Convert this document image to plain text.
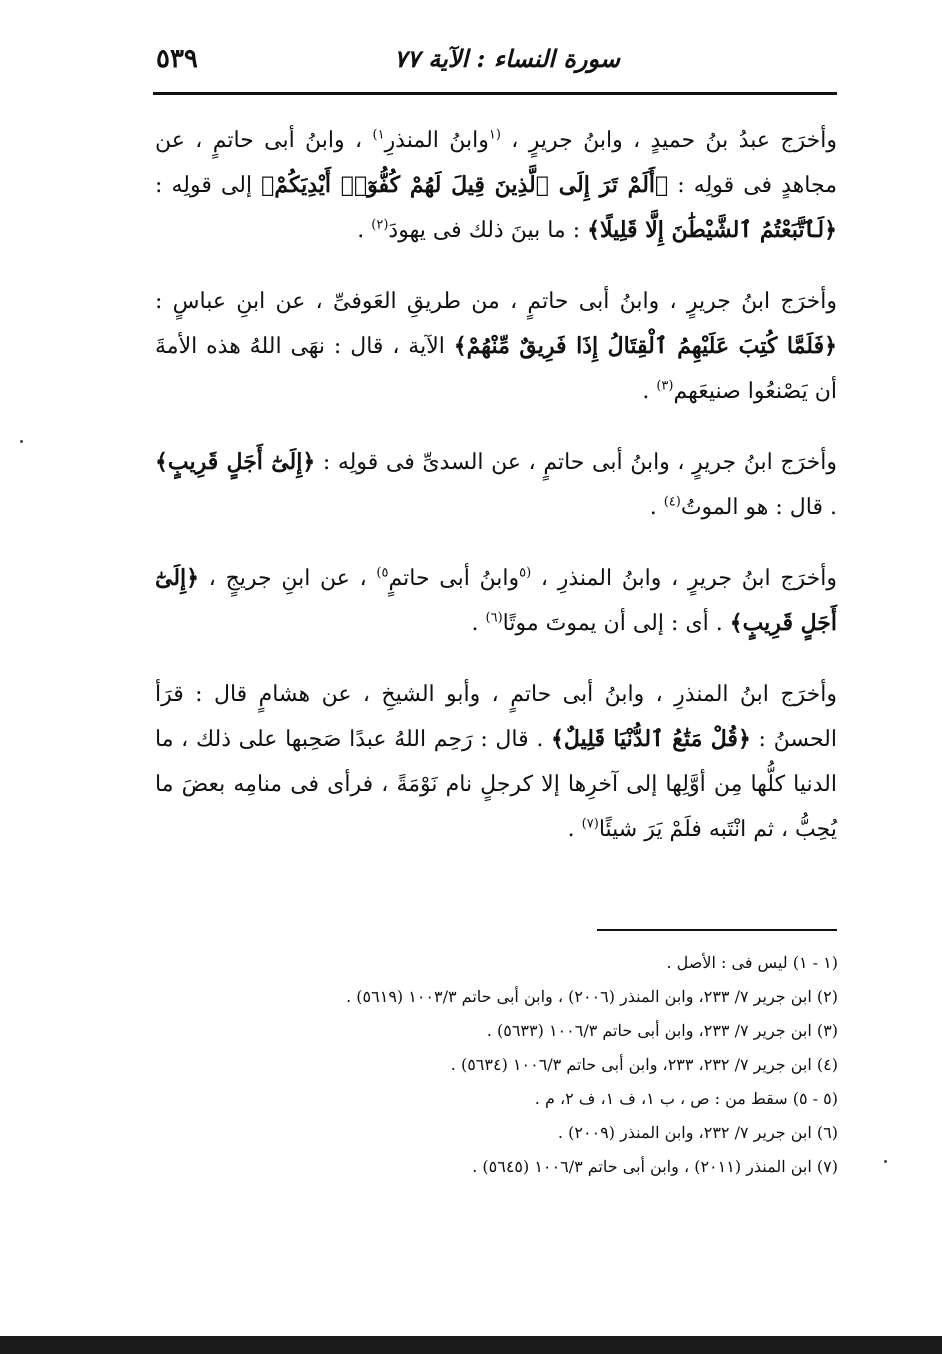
٥٣٩	سورة النساء : الآية ٧٧

وأخرَج عبدُ بنُ حميدٍ ، وابنُ جريرٍ ، $^{(١}$وابنُ المنذرِ$^{١)}$ ، وابنُ أبى حاتمٍ ، عن مجاهدٍ فى قولِه : ﴿أَلَمْ تَرَ إِلَى ٱلَّذِينَ قِيلَ لَهُمْ كُفُّوٓا۟ أَيْدِيَكُمْ﴾ إلى قولِه : ﴿لَٱتَّبَعْتُمُ ٱلشَّيْطَٰنَ إِلَّا قَلِيلًا﴾ : ما بينَ ذلك فى يهودَ$^{(٢)}$ .

وأخرَج ابنُ جريرٍ ، وابنُ أبى حاتمٍ ، من طريقِ العَوفىِّ ، عن ابنِ عباسٍ : ﴿فَلَمَّا كُتِبَ عَلَيْهِمُ ٱلْقِتَالُ إِذَا فَرِيقٌ مِّنْهُمْ﴾ الآية ، قال : نهَى اللهُ هذه الأمةَ أن يَصْنعُوا صنيعَهم$^{(٣)}$ .

وأخرَج ابنُ جريرٍ ، وابنُ أبى حاتمٍ ، عن السدىِّ فى قولِه : ﴿إِلَىٰٓ أَجَلٍ قَرِيبٍ﴾ . قال : هو الموتُ$^{(٤)}$ .

وأخرَج ابنُ جريرٍ ، وابنُ المنذرِ ، $^{(٥}$وابنُ أبى حاتمٍ$^{٥)}$ ، عن ابنِ جريجٍ ، ﴿إِلَىٰٓ أَجَلٍ قَرِيبٍ﴾ . أى : إلى أن يموتَ موتًا$^{(٦)}$ .

وأخرَج ابنُ المنذرِ ، وابنُ أبى حاتمٍ ، وأبو الشيخِ ، عن هشامٍ قال : قرَأ الحسنُ : ﴿قُلْ مَتَٰعُ ٱلدُّنْيَا قَلِيلٌ﴾ . قال : رَحِم اللهُ عبدًا صَحِبها على ذلك ، ما الدنيا كلُّها مِن أوَّلِها إلى آخرِها إلا كرجلٍ نام نَوْمَةً ، فرأى فى منامِه بعضَ ما يُحِبُّ ، ثم انْتَبه فلَمْ يَرَ شيئًا$^{(٧)}$ .

(١ - ١) ليس فى : الأصل .
(٢) ابن جرير ٧/ ٢٣٣، وابن المنذر (٢٠٠٦) ، وابن أبى حاتم ١٠٠٣/٣ (٥٦١٩) .
(٣) ابن جرير ٧/ ٢٣٣، وابن أبى حاتم ١٠٠٦/٣ (٥٦٣٣) .
(٤) ابن جرير ٧/ ٢٣٢، ٢٣٣، وابن أبى حاتم ١٠٠٦/٣ (٥٦٣٤) .
(٥ - ٥) سقط من : ص ، ب ١، ف ١، ف ٢، م .
(٦) ابن جرير ٧/ ٢٣٢، وابن المنذر (٢٠٠٩) .
(٧) ابن المنذر (٢٠١١) ، وابن أبى حاتم ١٠٠٦/٣ (٥٦٤٥) .
